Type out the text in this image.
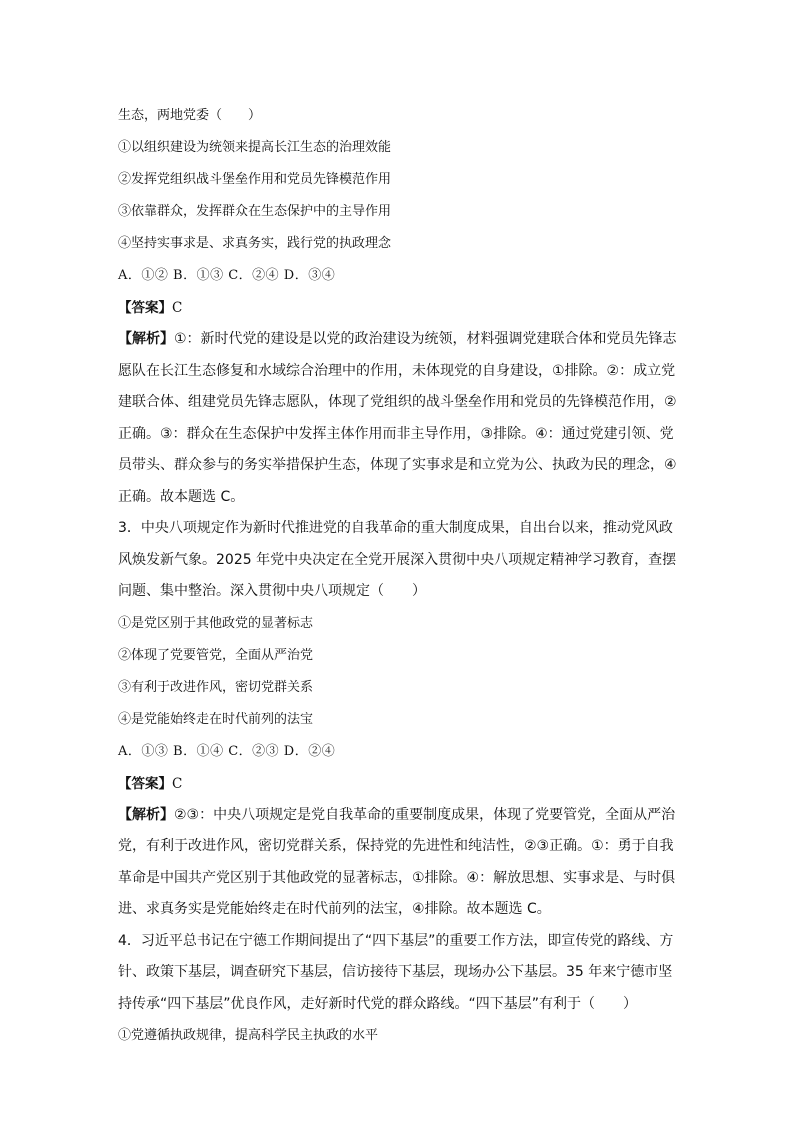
生态，两地党委（　　）
①以组织建设为统领来提高长江生态的治理效能
②发挥党组织战斗堡垒作用和党员先锋模范作用
③依靠群众，发挥群众在生态保护中的主导作用
④坚持实事求是、求真务实，践行党的执政理念
A．①② B．①③ C．②④ D．③④
【答案】C
【解析】①：新时代党的建设是以党的政治建设为统领，材料强调党建联合体和党员先锋志
愿队在长江生态修复和水域综合治理中的作用，未体现党的自身建设，①排除。②：成立党
建联合体、组建党员先锋志愿队，体现了党组织的战斗堡垒作用和党员的先锋模范作用，②
正确。③：群众在生态保护中发挥主体作用而非主导作用，③排除。④：通过党建引领、党
员带头、群众参与的务实举措保护生态，体现了实事求是和立党为公、执政为民的理念，④
正确。故本题选 C。
3．中央八项规定作为新时代推进党的自我革命的重大制度成果，自出台以来，推动党风政
风焕发新气象。2025 年党中央决定在全党开展深入贯彻中央八项规定精神学习教育，查摆
问题、集中整治。深入贯彻中央八项规定（　　）
①是党区别于其他政党的显著标志
②体现了党要管党，全面从严治党
③有利于改进作风，密切党群关系
④是党能始终走在时代前列的法宝
A．①③ B．①④ C．②③ D．②④
【答案】C
【解析】②③：中央八项规定是党自我革命的重要制度成果，体现了党要管党，全面从严治
党，有利于改进作风，密切党群关系，保持党的先进性和纯洁性，②③正确。①：勇于自我
革命是中国共产党区别于其他政党的显著标志，①排除。④：解放思想、实事求是、与时俱
进、求真务实是党能始终走在时代前列的法宝，④排除。故本题选 C。
4．习近平总书记在宁德工作期间提出了“四下基层”的重要工作方法，即宣传党的路线、方
针、政策下基层，调查研究下基层，信访接待下基层，现场办公下基层。35 年来宁德市坚
持传承“四下基层”优良作风，走好新时代党的群众路线。“四下基层”有利于（　　）
①党遵循执政规律，提高科学民主执政的水平
